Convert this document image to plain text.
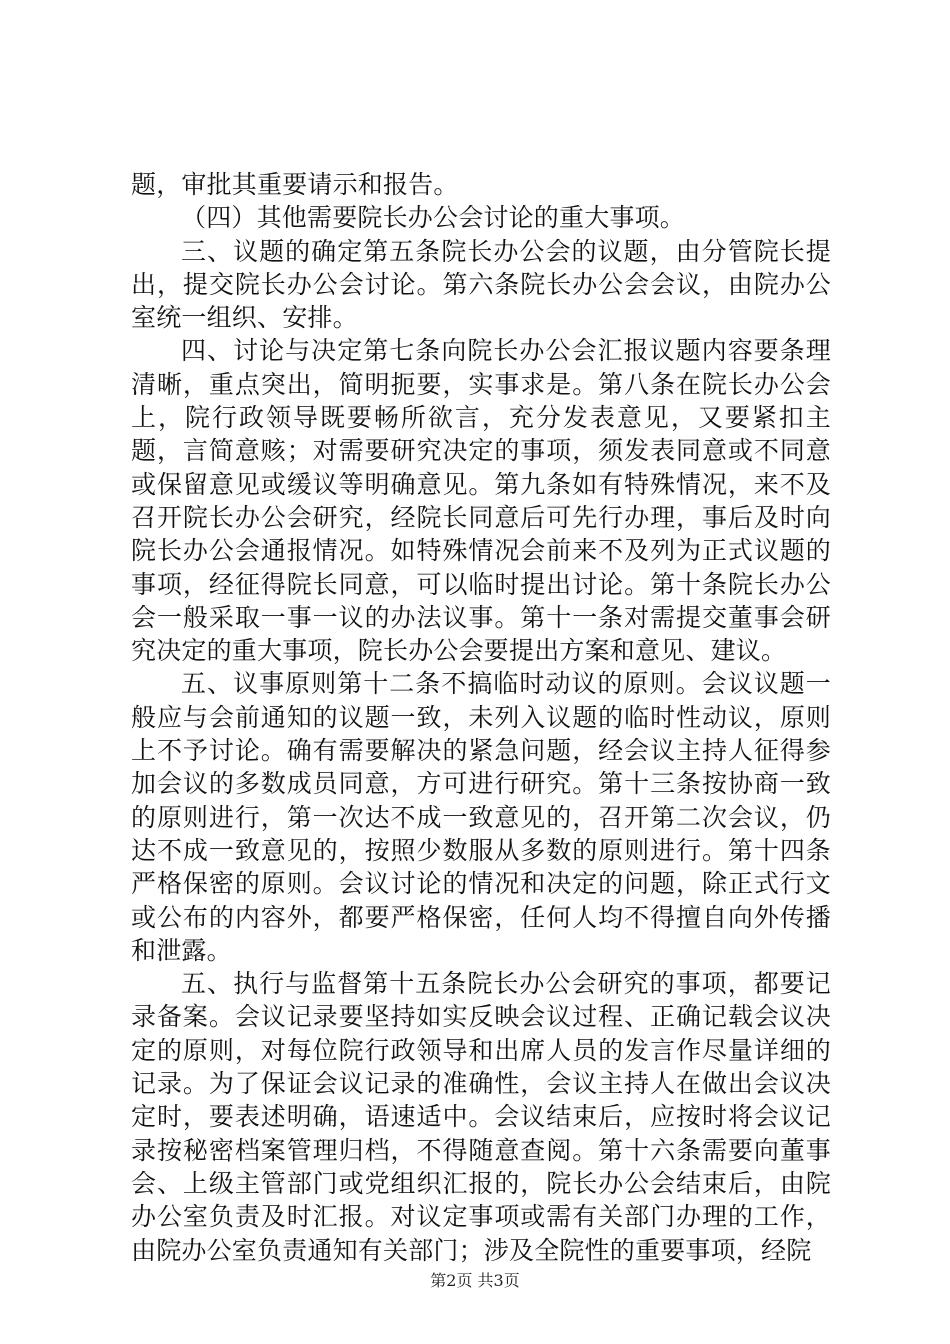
题，审批其重要请示和报告。

（四）其他需要院长办公会讨论的重大事项。

三、议题的确定第五条院长办公会的议题，由分管院长提出，提交院长办公会讨论。第六条院长办公会会议，由院办公室统一组织、安排。

四、讨论与决定第七条向院长办公会汇报议题内容要条理清晰，重点突出，简明扼要，实事求是。第八条在院长办公会上，院行政领导既要畅所欲言，充分发表意见，又要紧扣主题，言简意赅；对需要研究决定的事项，须发表同意或不同意或保留意见或缓议等明确意见。第九条如有特殊情况，来不及召开院长办公会研究，经院长同意后可先行办理，事后及时向院长办公会通报情况。如特殊情况会前来不及列为正式议题的事项，经征得院长同意，可以临时提出讨论。第十条院长办公会一般采取一事一议的办法议事。第十一条对需提交董事会研究决定的重大事项，院长办公会要提出方案和意见、建议。

五、议事原则第十二条不搞临时动议的原则。会议议题一般应与会前通知的议题一致，未列入议题的临时性动议，原则上不予讨论。确有需要解决的紧急问题，经会议主持人征得参加会议的多数成员同意，方可进行研究。第十三条按协商一致的原则进行，第一次达不成一致意见的，召开第二次会议，仍达不成一致意见的，按照少数服从多数的原则进行。第十四条严格保密的原则。会议讨论的情况和决定的问题，除正式行文或公布的内容外，都要严格保密，任何人均不得擅自向外传播和泄露。

五、执行与监督第十五条院长办公会研究的事项，都要记录备案。会议记录要坚持如实反映会议过程、正确记载会议决定的原则，对每位院行政领导和出席人员的发言作尽量详细的记录。为了保证会议记录的准确性，会议主持人在做出会议决定时，要表述明确，语速适中。会议结束后，应按时将会议记录按秘密档案管理归档，不得随意查阅。第十六条需要向董事会、上级主管部门或党组织汇报的，院长办公会结束后，由院办公室负责及时汇报。对议定事项或需有关部门办理的工作，由院办公室负责通知有关部门；涉及全院性的重要事项，经院

第2页 共3页
